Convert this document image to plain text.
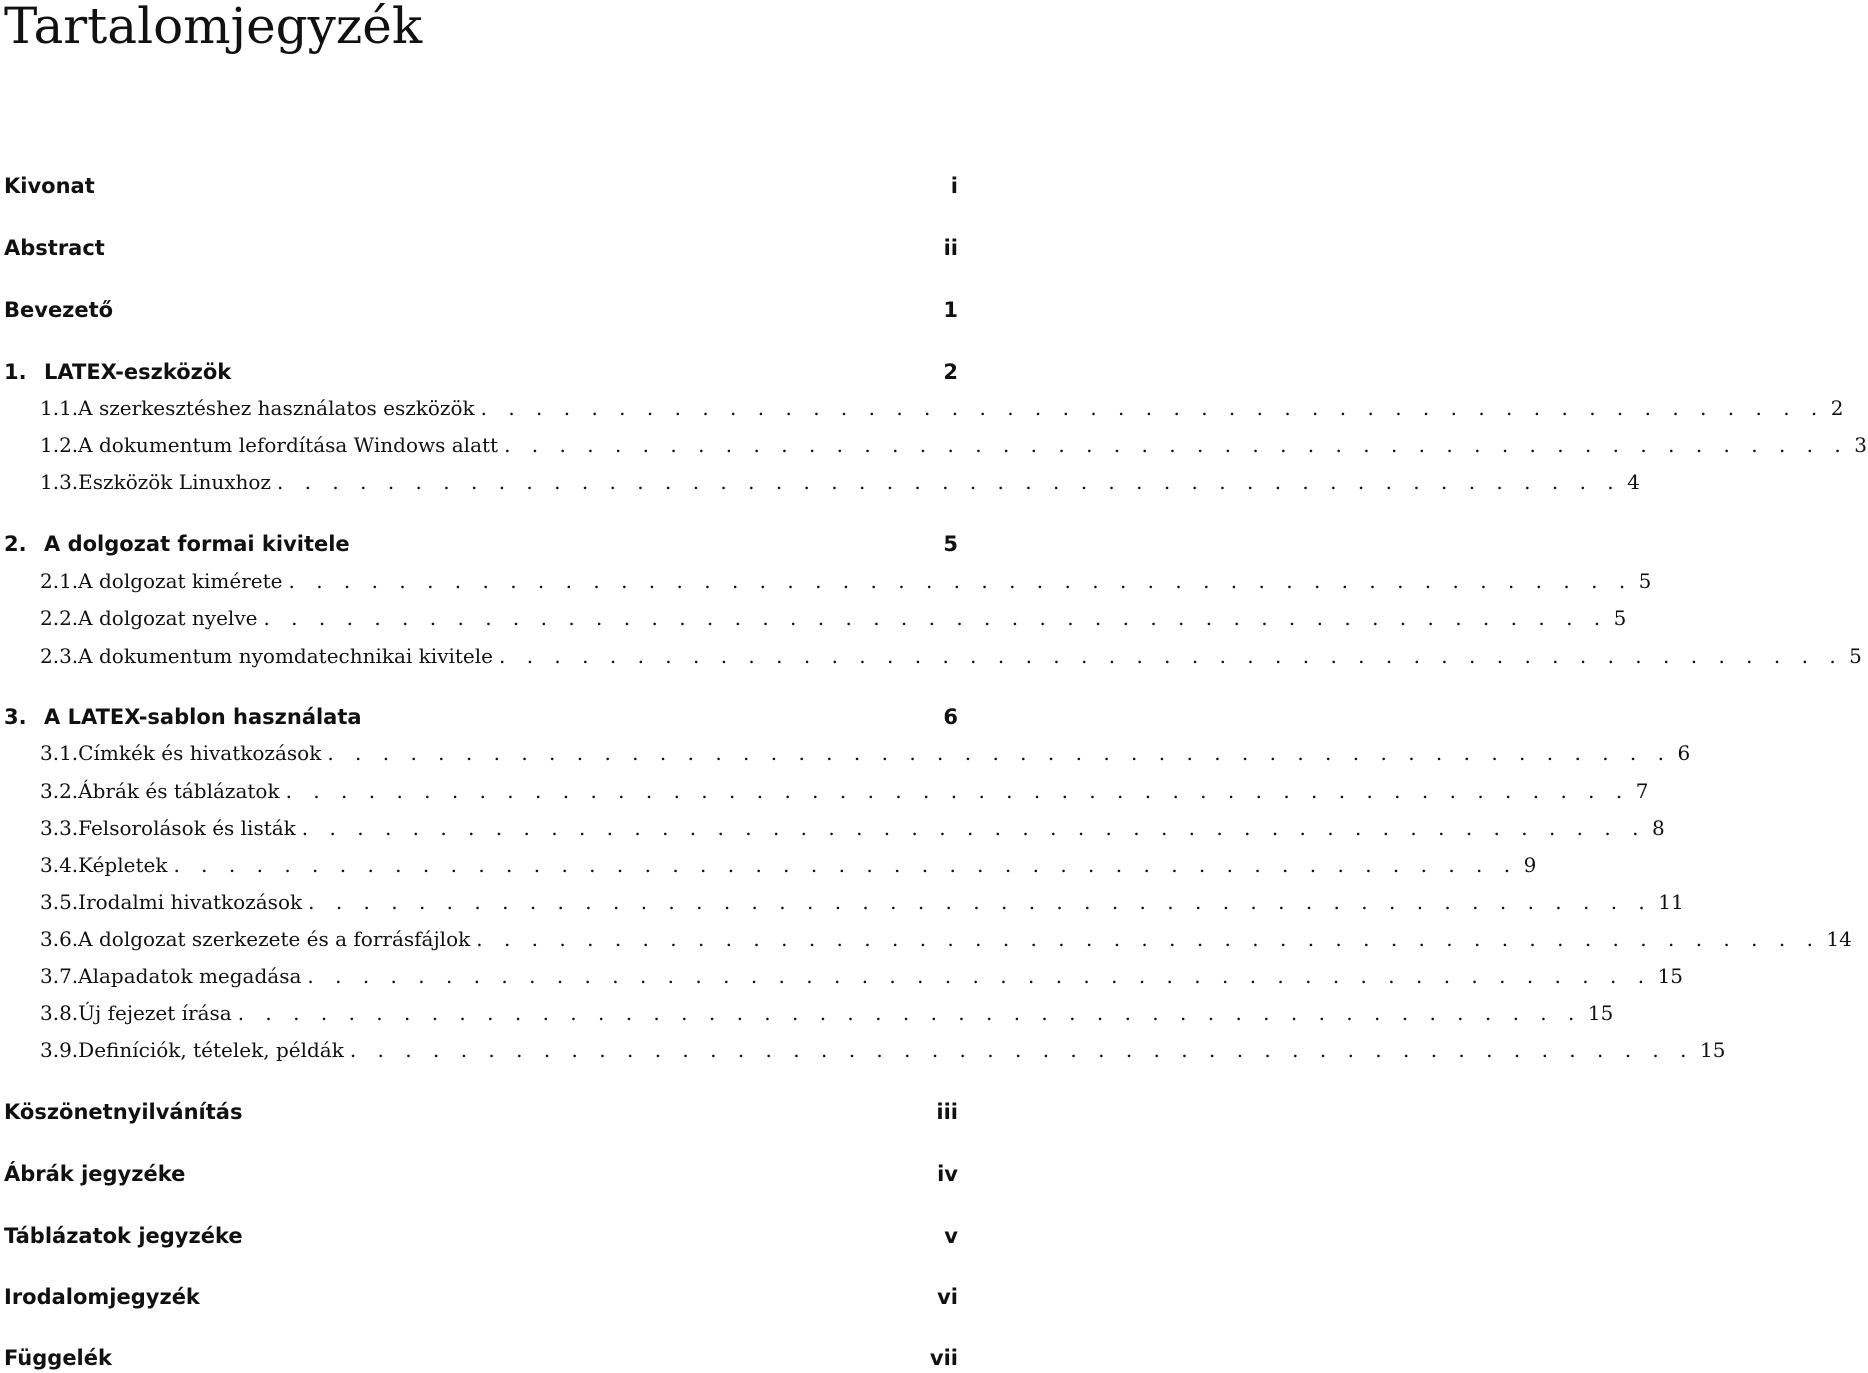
Tartalomjegyzék
Kivonat	i
Abstract	ii
Bevezető	1
1. LATEX-eszközök	2
1.1. A szerkesztéshez használatos eszközök . . . . . . . . . . . . . . . . . . . . . . . . . . . . . . . . . . . . . . . . . . . . . . . . . 2
1.2. A dokumentum lefordítása Windows alatt . . . . . . . . . . . . . . . . . . . . . . . . . . . . . . . . . . . . . . . . . . . . . . . . . 3
1.3. Eszközök Linuxhoz . . . . . . . . . . . . . . . . . . . . . . . . . . . . . . . . . . . . . . . . . . . . . . . . . 4
2. A dolgozat formai kivitele	5
2.1. A dolgozat kimérete . . . . . . . . . . . . . . . . . . . . . . . . . . . . . . . . . . . . . . . . . . . . . . . . . 5
2.2. A dolgozat nyelve . . . . . . . . . . . . . . . . . . . . . . . . . . . . . . . . . . . . . . . . . . . . . . . . . 5
2.3. A dokumentum nyomdatechnikai kivitele . . . . . . . . . . . . . . . . . . . . . . . . . . . . . . . . . . . . . . . . . . . . . . . . . 5
3. A LATEX-sablon használata	6
3.1. Címkék és hivatkozások . . . . . . . . . . . . . . . . . . . . . . . . . . . . . . . . . . . . . . . . . . . . . . . . . 6
3.2. Ábrák és táblázatok . . . . . . . . . . . . . . . . . . . . . . . . . . . . . . . . . . . . . . . . . . . . . . . . . 7
3.3. Felsorolások és listák . . . . . . . . . . . . . . . . . . . . . . . . . . . . . . . . . . . . . . . . . . . . . . . . . 8
3.4. Képletek . . . . . . . . . . . . . . . . . . . . . . . . . . . . . . . . . . . . . . . . . . . . . . . . . 9
3.5. Irodalmi hivatkozások . . . . . . . . . . . . . . . . . . . . . . . . . . . . . . . . . . . . . . . . . . . . . . . . . 11
3.6. A dolgozat szerkezete és a forrásfájlok . . . . . . . . . . . . . . . . . . . . . . . . . . . . . . . . . . . . . . . . . . . . . . . . . 14
3.7. Alapadatok megadása . . . . . . . . . . . . . . . . . . . . . . . . . . . . . . . . . . . . . . . . . . . . . . . . . 15
3.8. Új fejezet írása . . . . . . . . . . . . . . . . . . . . . . . . . . . . . . . . . . . . . . . . . . . . . . . . . 15
3.9. Definíciók, tételek, példák . . . . . . . . . . . . . . . . . . . . . . . . . . . . . . . . . . . . . . . . . . . . . . . . . 15
Köszönetnyilvánítás	iii
Ábrák jegyzéke	iv
Táblázatok jegyzéke	v
Irodalomjegyzék	vi
Függelék	vii
